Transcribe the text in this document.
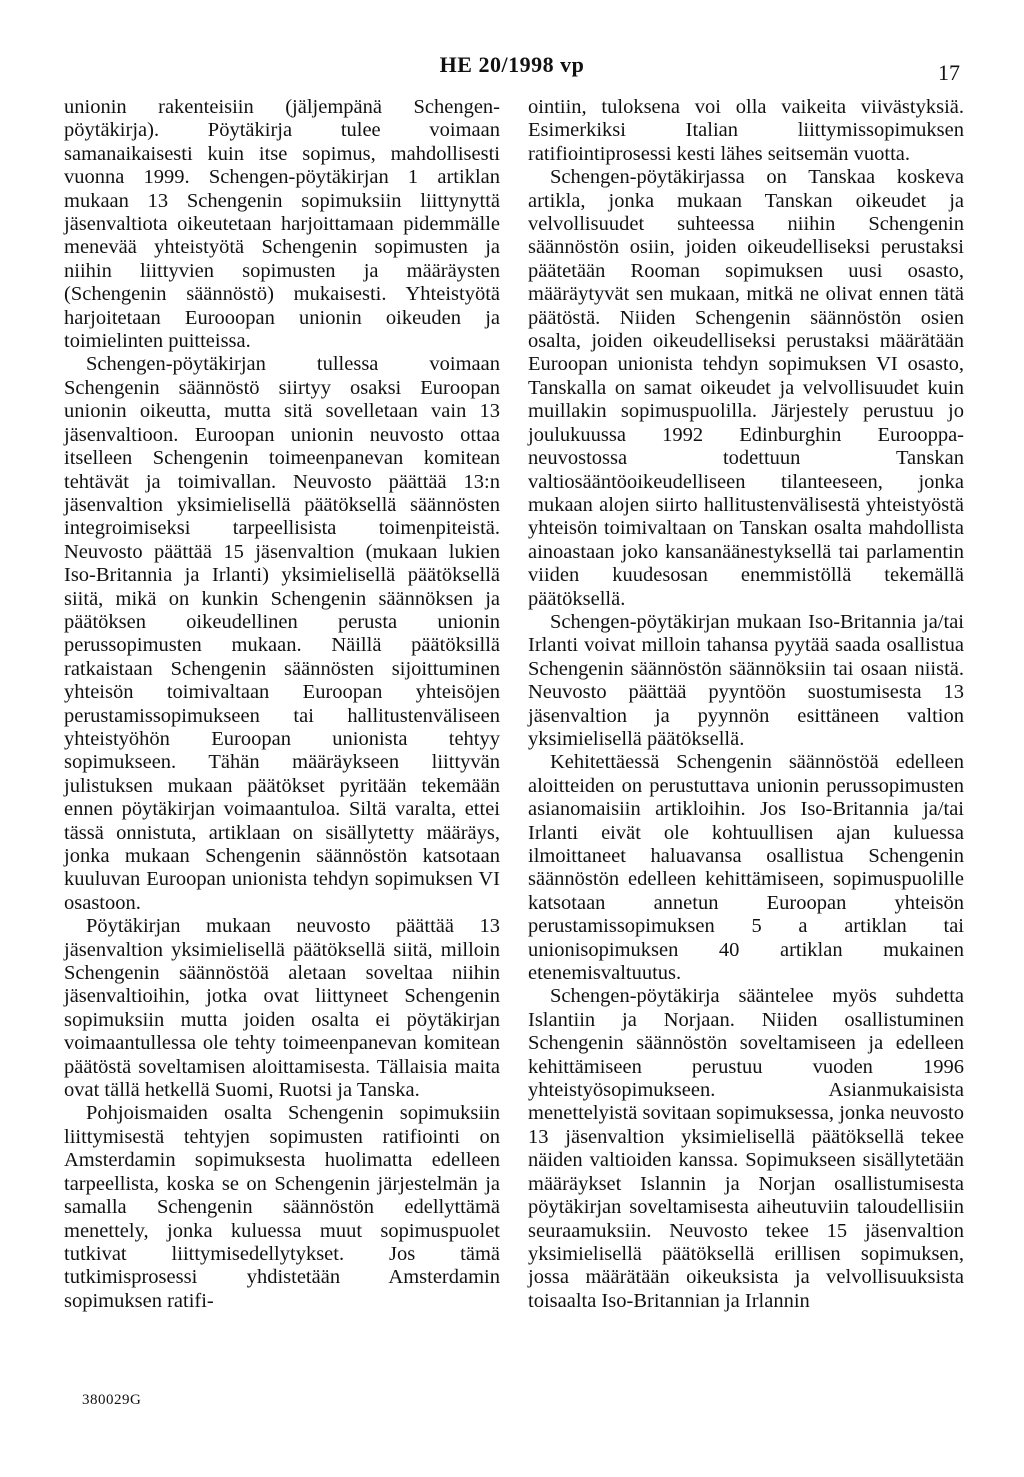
HE 20/1998 vp	17

unionin rakenteisiin (jäljempänä Schengen-pöytäkirja). Pöytäkirja tulee voimaan samanaikaisesti kuin itse sopimus, mahdollisesti vuonna 1999. Schengen-pöytäkirjan 1 artiklan mukaan 13 Schengenin sopimuksiin liittynyttä jäsenvaltiota oikeutetaan harjoittamaan pidemmälle menevää yhteistyötä Schengenin sopimusten ja niihin liittyvien sopimusten ja määräysten (Schengenin säännöstö) mukaisesti. Yhteistyötä harjoitetaan Eurooopan unionin oikeuden ja toimielinten puitteissa.

Schengen-pöytäkirjan tullessa voimaan Schengenin säännöstö siirtyy osaksi Euroopan unionin oikeutta, mutta sitä sovelletaan vain 13 jäsenvaltioon. Euroopan unionin neuvosto ottaa itselleen Schengenin toimeenpanevan komitean tehtävät ja toimivallan. Neuvosto päättää 13:n jäsenvaltion yksimielisellä päätöksellä säännösten integroimiseksi tarpeellisista toimenpiteistä. Neuvosto päättää 15 jäsenvaltion (mukaan lukien Iso-Britannia ja Irlanti) yksimielisellä päätöksellä siitä, mikä on kunkin Schengenin säännöksen ja päätöksen oikeudellinen perusta unionin perussopimusten mukaan. Näillä päätöksillä ratkaistaan Schengenin säännösten sijoittuminen yhteisön toimivaltaan Euroopan yhteisöjen perustamissopimukseen tai hallitustenväliseen yhteistyöhön Euroopan unionista tehtyy sopimukseen. Tähän määräykseen liittyvän julistuksen mukaan päätökset pyritään tekemään ennen pöytäkirjan voimaantuloa. Siltä varalta, ettei tässä onnistuta, artiklaan on sisällytetty määräys, jonka mukaan Schengenin säännöstön katsotaan kuuluvan Euroopan unionista tehdyn sopimuksen VI osastoon.

Pöytäkirjan mukaan neuvosto päättää 13 jäsenvaltion yksimielisellä päätöksellä siitä, milloin Schengenin säännöstöä aletaan soveltaa niihin jäsenvaltioihin, jotka ovat liittyneet Schengenin sopimuksiin mutta joiden osalta ei pöytäkirjan voimaantullessa ole tehty toimeenpanevan komitean päätöstä soveltamisen aloittamisesta. Tällaisia maita ovat tällä hetkellä Suomi, Ruotsi ja Tanska.

Pohjoismaiden osalta Schengenin sopimuksiin liittymisestä tehtyjen sopimusten ratifiointi on Amsterdamin sopimuksesta huolimatta edelleen tarpeellista, koska se on Schengenin järjestelmän ja samalla Schengenin säännöstön edellyttämä menettely, jonka kuluessa muut sopimuspuolet tutkivat liittymisedellytykset. Jos tämä tutkimisprosessi yhdistetään Amsterdamin sopimuksen ratifi-

ointiin, tuloksena voi olla vaikeita viivästyksiä. Esimerkiksi Italian liittymissopimuksen ratifiointiprosessi kesti lähes seitsemän vuotta.

Schengen-pöytäkirjassa on Tanskaa koskeva artikla, jonka mukaan Tanskan oikeudet ja velvollisuudet suhteessa niihin Schengenin säännöstön osiin, joiden oikeudelliseksi perustaksi päätetään Rooman sopimuksen uusi osasto, määräytyvät sen mukaan, mitkä ne olivat ennen tätä päätöstä. Niiden Schengenin säännöstön osien osalta, joiden oikeudelliseksi perustaksi määrätään Euroopan unionista tehdyn sopimuksen VI osasto, Tanskalla on samat oikeudet ja velvollisuudet kuin muillakin sopimuspuolilla. Järjestely perustuu jo joulukuussa 1992 Edinburghin Eurooppa-neuvostossa todettuun Tanskan valtiosääntöoikeudelliseen tilanteeseen, jonka mukaan alojen siirto hallitustenvälisestä yhteistyöstä yhteisön toimivaltaan on Tanskan osalta mahdollista ainoastaan joko kansanäänestyksellä tai parlamentin viiden kuudesosan enemmistöllä tekemällä päätöksellä.

Schengen-pöytäkirjan mukaan Iso-Britannia ja/tai Irlanti voivat milloin tahansa pyytää saada osallistua Schengenin säännöstön säännöksiin tai osaan niistä. Neuvosto päättää pyyntöön suostumisesta 13 jäsenvaltion ja pyynnön esittäneen valtion yksimielisellä päätöksellä.

Kehitettäessä Schengenin säännöstöä edelleen aloitteiden on perustuttava unionin perussopimusten asianomaisiin artikloihin. Jos Iso-Britannia ja/tai Irlanti eivät ole kohtuullisen ajan kuluessa ilmoittaneet haluavansa osallistua Schengenin säännöstön edelleen kehittämiseen, sopimuspuolille katsotaan annetun Euroopan yhteisön perustamissopimuksen 5 a artiklan tai unionisopimuksen 40 artiklan mukainen etenemisvaltuutus.

Schengen-pöytäkirja sääntelee myös suhdetta Islantiin ja Norjaan. Niiden osallistuminen Schengenin säännöstön soveltamiseen ja edelleen kehittämiseen perustuu vuoden 1996 yhteistyösopimukseen. Asianmukaisista menettelyistä sovitaan sopimuksessa, jonka neuvosto 13 jäsenvaltion yksimielisellä päätöksellä tekee näiden valtioiden kanssa. Sopimukseen sisällytetään määräykset Islannin ja Norjan osallistumisesta pöytäkirjan soveltamisesta aiheutuviin taloudellisiin seuraamuksiin. Neuvosto tekee 15 jäsenvaltion yksimielisellä päätöksellä erillisen sopimuksen, jossa määrätään oikeuksista ja velvollisuuksista toisaalta Iso-Britannian ja Irlannin

380029G
